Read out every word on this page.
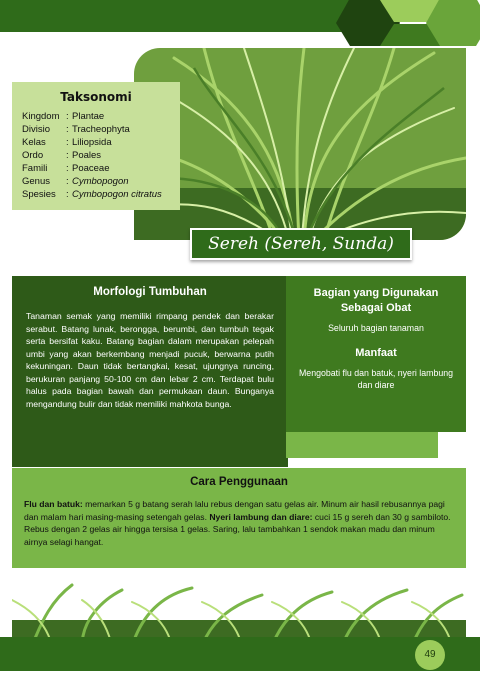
Taksonomi
Kingdom : Plantae
Divisio	: Tracheophyta
Kelas	: Liliopsida
Ordo	: Poales
Famili	: Poaceae
Genus	: Cymbopogon
Spesies	: Cymbopogon citratus
Sereh (Sereh, Sunda)
Morfologi Tumbuhan
Tanaman semak yang memiliki rimpang pendek dan berakar serabut. Batang lunak, berongga, berumbi, dan tumbuh tegak serta bersifat kaku. Batang bagian dalam merupakan pelepah umbi yang akan berkembang menjadi pucuk, berwarna putih kekuningan. Daun tidak bertangkai, kesat, ujungnya runcing, berukuran panjang 50-100 cm dan lebar 2 cm. Terdapat bulu halus pada bagian bawah dan permukaan daun. Bunganya mengandung bulir dan tidak memiliki mahkota bunga.
Bagian yang Digunakan Sebagai Obat
Seluruh bagian tanaman
Manfaat
Mengobati flu dan batuk, nyeri lambung dan diare
Cara Penggunaan
Flu dan batuk: memarkan 5 g batang serah lalu rebus dengan satu gelas air. Minum air hasil rebusannya pagi dan malam hari masing-masing setengah gelas. Nyeri lambung dan diare: cuci 15 g sereh dan 30 g sambiloto. Rebus dengan 2 gelas air hingga tersisa 1 gelas. Saring, lalu tambahkan 1 sendok makan madu dan minum airnya selagi hangat.
49
